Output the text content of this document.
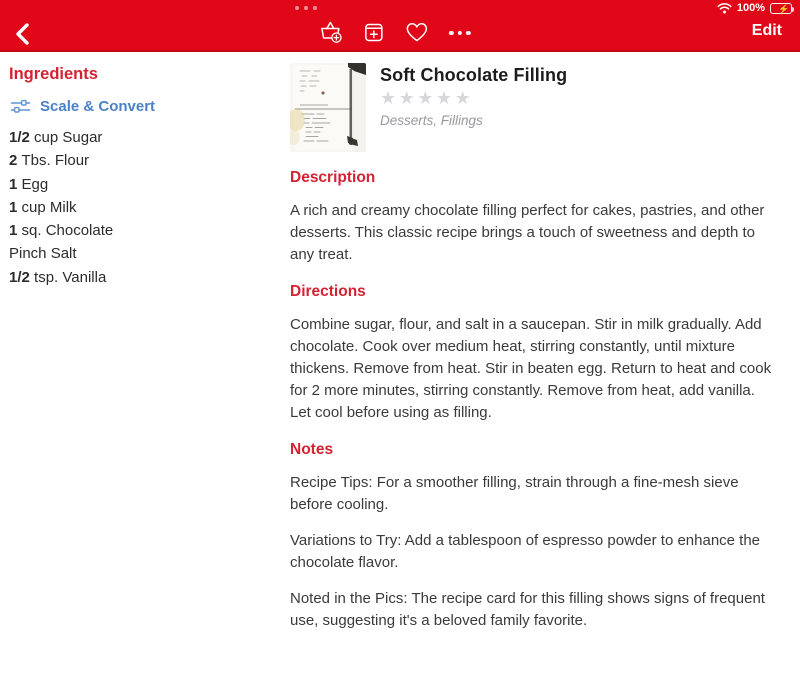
100% ⚡
Edit
Ingredients
Scale & Convert
1/2 cup Sugar
2 Tbs. Flour
1 Egg
1 cup Milk
1 sq. Chocolate
Pinch Salt
1/2 tsp. Vanilla
Soft Chocolate Filling
★★★★★
Desserts, Fillings
Description

A rich and creamy chocolate filling perfect for cakes, pastries, and other desserts. This classic recipe brings a touch of sweetness and depth to any treat.

Directions

Combine sugar, flour, and salt in a saucepan. Stir in milk gradually. Add chocolate. Cook over medium heat, stirring constantly, until mixture thickens. Remove from heat. Stir in beaten egg. Return to heat and cook for 2 more minutes, stirring constantly. Remove from heat, add vanilla. Let cool before using as filling.

Notes

Recipe Tips: For a smoother filling, strain through a fine-mesh sieve before cooling.

Variations to Try: Add a tablespoon of espresso powder to enhance the chocolate flavor.

Noted in the Pics: The recipe card for this filling shows signs of frequent use, suggesting it's a beloved family favorite.
